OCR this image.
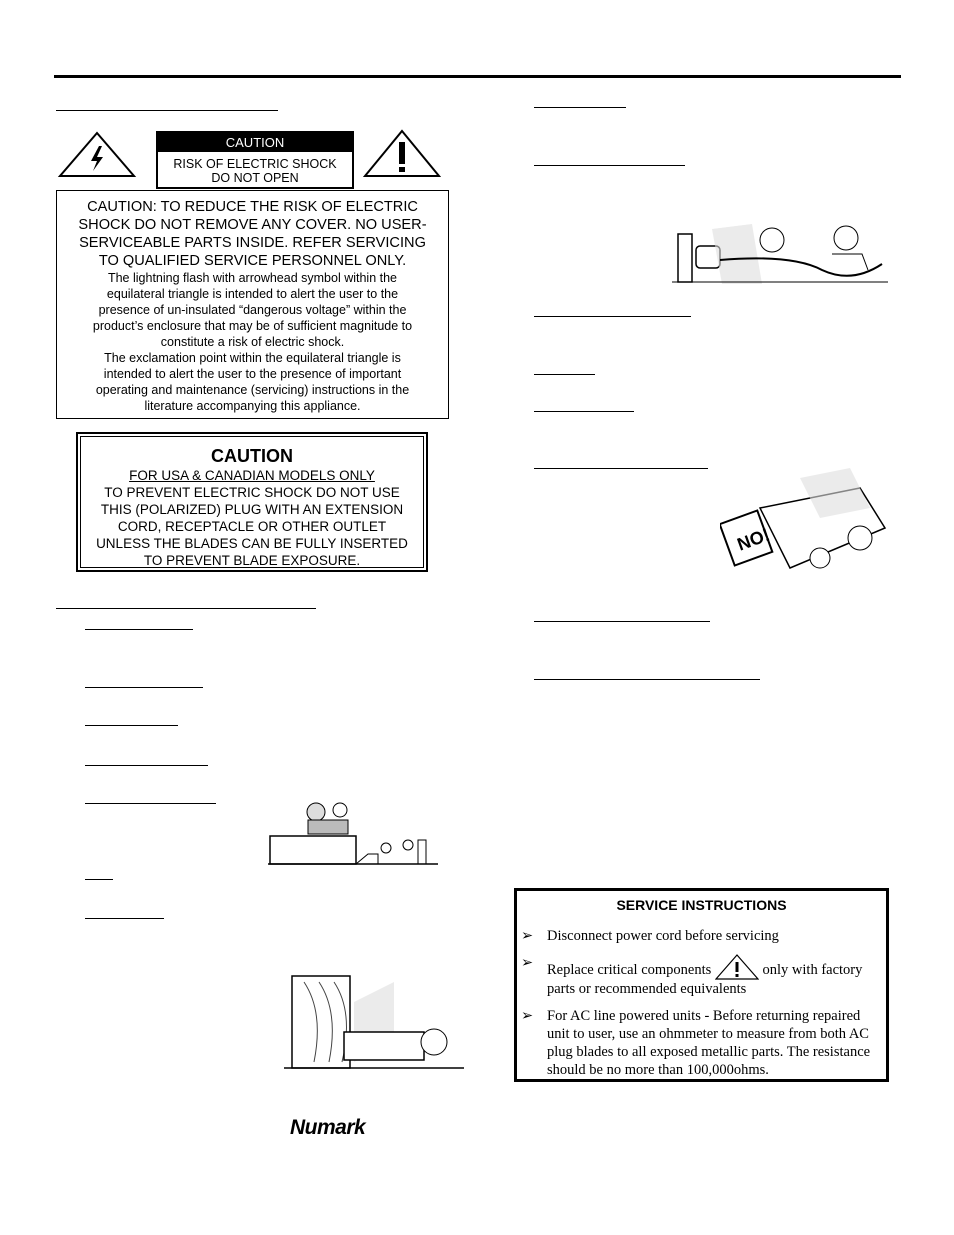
CAUTION
RISK OF ELECTRIC SHOCK
DO NOT OPEN
CAUTION: TO REDUCE THE RISK OF ELECTRIC
SHOCK DO NOT REMOVE ANY COVER. NO USER-
SERVICEABLE PARTS INSIDE. REFER SERVICING
TO QUALIFIED SERVICE PERSONNEL ONLY.
The lightning flash with arrowhead symbol within the
equilateral triangle is intended to alert the user to the
presence of un-insulated “dangerous voltage” within the
product’s enclosure that may be of sufficient magnitude to
constitute a risk of electric shock.
The exclamation point within the equilateral triangle is
intended to alert the user to the presence of important
operating and maintenance (servicing) instructions in the
literature accompanying this appliance.
CAUTION
FOR USA & CANADIAN MODELS ONLY
TO PREVENT ELECTRIC SHOCK DO NOT USE
THIS (POLARIZED) PLUG WITH AN EXTENSION
CORD, RECEPTACLE OR OTHER OUTLET
UNLESS THE BLADES CAN BE FULLY INSERTED
TO PREVENT BLADE EXPOSURE.
Numark
NO!
SERVICE INSTRUCTIONS
➢ Disconnect power cord before servicing
➢ Replace critical components	only with factory
parts or recommended equivalents
➢ For AC line powered units - Before returning repaired unit to user, use an ohmmeter to measure from both AC plug blades to all exposed metallic parts. The resistance should be no more than 100,000ohms.
